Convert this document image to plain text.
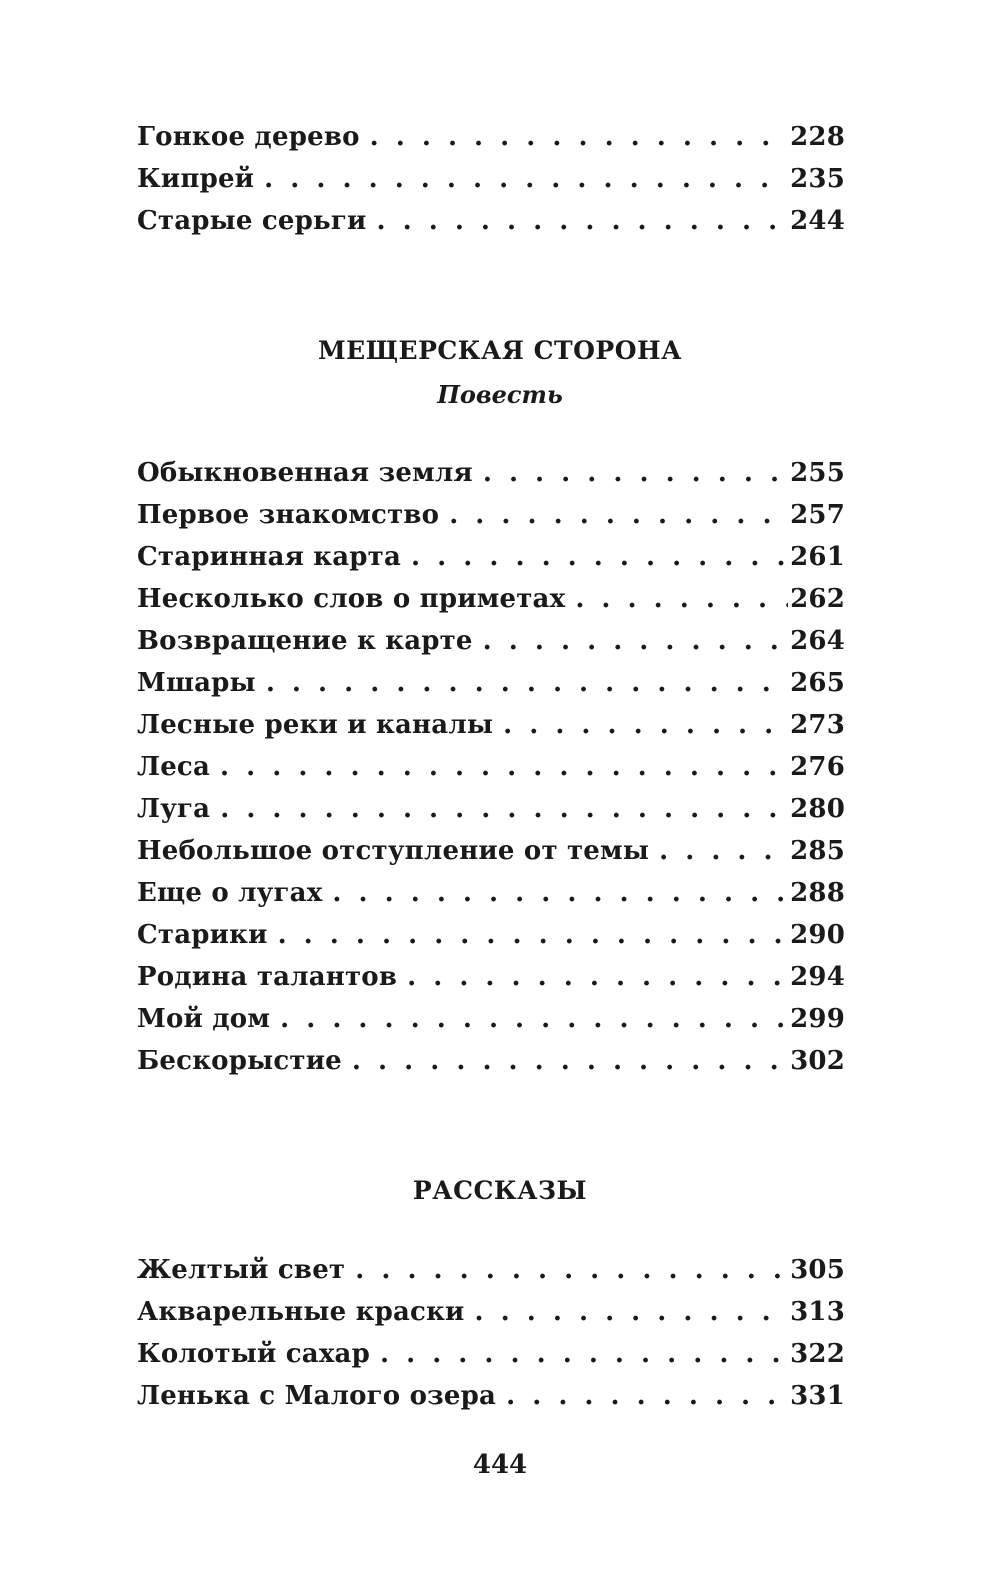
Гонкое дерево . . .	228
Кипрей . . .	235
Старые серьги . . .	244
МЕЩЕРСКАЯ СТОРОНА
Повесть
Обыкновенная земля . . .	255
Первое знакомство . . .	257
Старинная карта . . .	261
Несколько слов о приметах . . .	262
Возвращение к карте . . .	264
Мшары . . .	265
Лесные реки и каналы . . .	273
Леса . . .	276
Луга . . .	280
Небольшое отступление от темы . . .	285
Еще о лугах . . .	288
Старики . . .	290
Родина талантов . . .	294
Мой дом . . .	299
Бескорыстие . . .	302
РАССКАЗЫ
Желтый свет . . .	305
Акварельные краски . . .	313
Колотый сахар . . .	322
Ленька с Малого озера . . .	331
444
